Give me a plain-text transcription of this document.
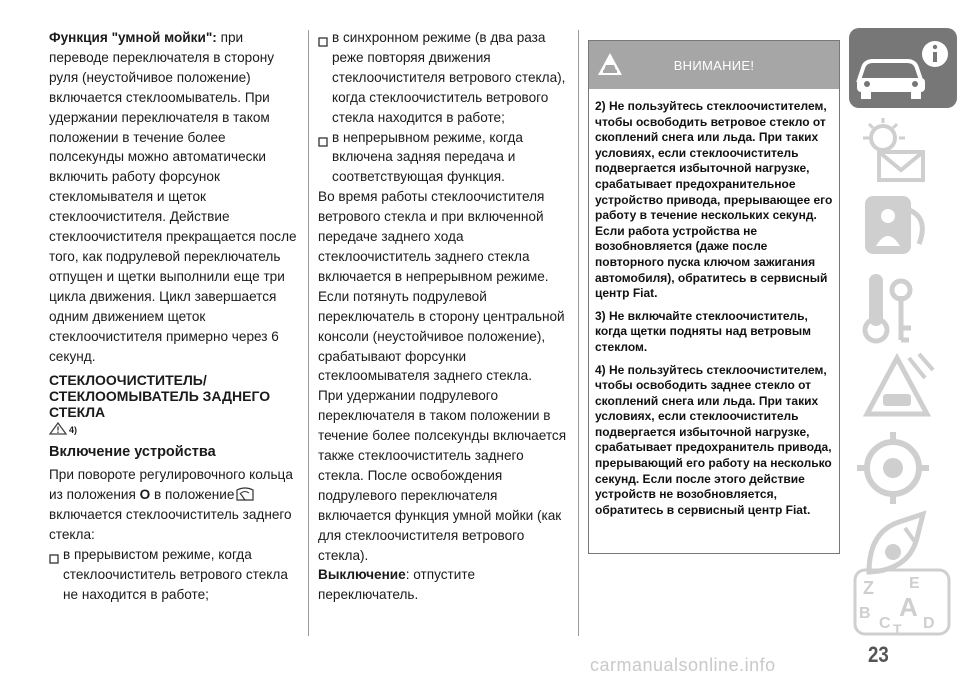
Функция "умной мойки": при переводе переключателя в сторону руля (неустойчивое положение) включается стеклоомыватель. При удержании переключателя в таком положении в течение более полсекунды можно автоматически включить работу форсунок стекломывателя и щеток стеклоочистителя. Действие стеклоочистителя прекращается после того, как подрулевой переключатель отпущен и щетки выполнили еще три цикла движения. Цикл завершается одним движением щеток стеклоочистителя примерно через 6 секунд.

СТЕКЛООЧИСТИТЕЛЬ/ СТЕКЛООМЫВАТЕЛЬ ЗАДНЕГО СТЕКЛА
4)
Включение устройства

При повороте регулировочного кольца из положения O в положениевключается стеклоочиститель заднего стекла:

в прерывистом режиме, когда стеклоочиститель ветрового стекла не находится в работе;
в синхронном режиме (в два раза реже повторяя движения стеклоочистителя ветрового стекла), когда стеклоочиститель ветрового стекла находится в работе;
в непрерывном режиме, когда включена задняя передача и соответствующая функция.

Во время работы стеклоочистителя ветрового стекла и при включенной передаче заднего хода стеклоочиститель заднего стекла включается в непрерывном режиме.

Если потянуть подрулевой переключатель в сторону центральной консоли (неустойчивое положение), срабатывают форсунки стеклоомывателя заднего стекла.

При удержании подрулевого переключателя в таком положении в течение более полсекунды включается также стеклоочиститель заднего стекла. После освобождения подрулевого переключателя включается функция умной мойки (как для стеклоочистителя ветрового стекла).

Выключение: отпустите переключатель.

ВНИМАНИЕ!

2) Не пользуйтесь стеклоочистителем, чтобы освободить ветровое стекло от скоплений снега или льда. При таких условиях, если стеклоочиститель подвергается избыточной нагрузке, срабатывает предохранительное устройство привода, прерывающее его работу в течение нескольких секунд. Если работа устройства не возобновляется (даже после повторного пуска ключом зажигания автомобиля), обратитесь в сервисный центр Fiat.

3) Не включайте стеклоочиститель, когда щетки подняты над ветровым стеклом.

4) Не пользуйтесь стеклоочистителем, чтобы освободить заднее стекло от скоплений снега или льда. При таких условиях, если стеклоочиститель подвергается избыточной нагрузке, срабатывает предохранитель привода, прерывающий его работу на несколько секунд. Если после этого действие устройств не возобновляется, обратитесь в сервисный центр Fiat.

Z E
B A
C T D
23
carmanualsonline.info
